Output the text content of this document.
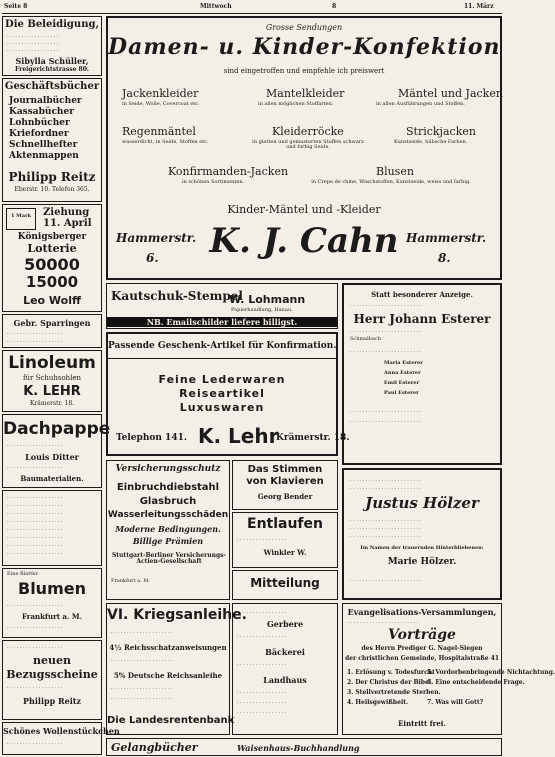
Seite 8	Mittwoch	8	11. März
Die Beleidigung,
. . . . . . . . . . . . . . . . .
. . . . . . . . . . . . . . . . .
. . . . . . . . . . . . . . . . .
Sibylla Schüller,
Freigerichtstrasse 80.
Geschäftsbücher
Journalbücher
Kassabücher
Lohnbücher
Kriefordner
Schnellhefter
Aktenmappen
Philipp Reitz
Eberstr. 10. Telefon 365.
1 Mark	Ziehung
11. April
Königsberger
Lotterie
50000
15000
Leo Wolff
Gebr. Sparringen
. . . . . . . . . . . . . . . . . .
. . . . . . . . . . . . . . . . . .
Linoleum
für Schuhsohlen
K. LEHR
Krämerstr. 18.
Dachpappe
. . . . . . . . . . . . . . . . . .
Louis Ditter
. . . . . . . . . . . . . . . . . .
Baumaterialien.
. . . . . . . . . . . . . . . . . .
. . . . . . . . . . . . . . . . . .
. . . . . . . . . . . . . . . . . .
. . . . . . . . . . . . . . . . . .
. . . . . . . . . . . . . . . . . .
. . . . . . . . . . . . . . . . . .
. . . . . . . . . . . . . . . . . .
. . . . . . . . . . . . . . . . . .
Eine Blattkr.
Blumen
. . . . . . . . . . . . . . . . . .
Frankfurt a. M.
. . . . . . . . . . . . . . . . . .
. . . . . . . . . . . . . . . . . .
neuen
Bezugsscheine
. . . . . . . . . . . . . . . . . .
Philipp Reitz
Schönes Wollenstückchen
. . . . . . . . . . . . . . . . . .
Grosse Sendungen
Damen- u. Kinder-Konfektion
sind eingetroffen und empfehle ich preiswert
Jackenkleider
in Seide, Wolle, Covercoat etc.
Mantelkleider
in allen möglichen Stoffarten.
Mäntel und Jacken
in allen Ausführungen und Stoffen.
Regenmäntel
wasserdicht, in Seide, Stoffen etc.
Kleiderröcke
in glatten und gemusterten Stoffen schwarz und farbig Seide.
Strickjacken
Kunstseide, hübsche Farben.
Konfirmanden-Jacken
in schönen Sortimenten.
Blusen
in Crepe de chine, Waschstoffen, Kunstseide, weiss und farbig.
Kinder-Mäntel und -Kleider
Hammerstr.
6.	K. J. Cahn Hammerstr.
8.
Kautschuk-Stempel
W. Lohmann
Papierhandlung, Hanau.
NB. Emailschilder liefere billigst.
Passende Geschenk-Artikel für Konfirmation.
Feine Lederwaren
Reiseartikel
Luxuswaren
Telephon 141. K. Lehr
Krämerstr. 18.
Statt besonderer Anzeige.
. . . . . . . . . . . . . . . . . . . . . . .
Herr Johann Esterer
. . . . . . . . . . . . . . . . . . . . . . .
Schmalbach
. . . . . . . . . . . . . . . . . . . . . . .
Maria Esterer
Anna Esterer
Emil Esterer
Paul Esterer
. . . . . . . . . . . . . . . . . . . . . . .
. . . . . . . . . . . . . . . . . . . . . . .
. . . . . . . . . . . . . . . . . . . . . . .
. . . . . . . . . . . . . . . . . . . . . . .
Justus Hölzer
. . . . . . . . . . . . . . . . . . . . . . .
. . . . . . . . . . . . . . . . . . . . . . .
. . . . . . . . . . . . . . . . . . . . . . .
Im Namen der trauernden Hinterbliebenen:
Marie Hölzer.
. . . . . . . . . . . . . . . . . . . . . . .
Versicherungsschutz
Einbruchdiebstahl
Glasbruch
Wasserleitungsschäden
Moderne Bedingungen.
Billige Prämien
Stuttgart-Berliner Versicherungs-Actien-Gesellschaft
Frankfurt a. M.
Das Stimmen
von Klavieren
Georg Bender
Entlaufen
. . . . . . . . . . . . . . . .
Winkler W.
Mitteilung
VI. Kriegsanleihe.
. . . . . . . . . . . . . . . . . . . .
4½ Reichsschatzanweisungen
. . . . . . . . . . . . . . . . . . . .
5% Deutsche Reichsanleihe
. . . . . . . . . . . . . . . . . . . .
. . . . . . . . . . . . . . . . . . . .
Die Landesrentenbank
. . . . . . . . . . . . . . . .
Gerbere
. . . . . . . . . . . . . . . .
Bäckerei
. . . . . . . . . . . . . . . .
Landhaus
. . . . . . . . . . . . . . . .
. . . . . . . . . . . . . . . .
. . . . . . . . . . . . . . . .
Evangelisations-Versammlungen,
. . . . . . . . . . . . . . . . . . . . . . .
Vorträge
des Herrn Prediger G. Nagel-Siegen
der christlichen Gemeinde, Hospitalstraße 41
1. Erlösung v. Todesfurcht
2. Der Christus der Bibel.
3. Stellvertretende Sterben.
4. Heilsgewißheit.
5. Vordorbenbringende Nichtachtung.
6. Eine entscheidende Frage.
7. Was will Gott?
Eintritt frei.
Gelangbücher	Waisenhaus-Buchhandlung
